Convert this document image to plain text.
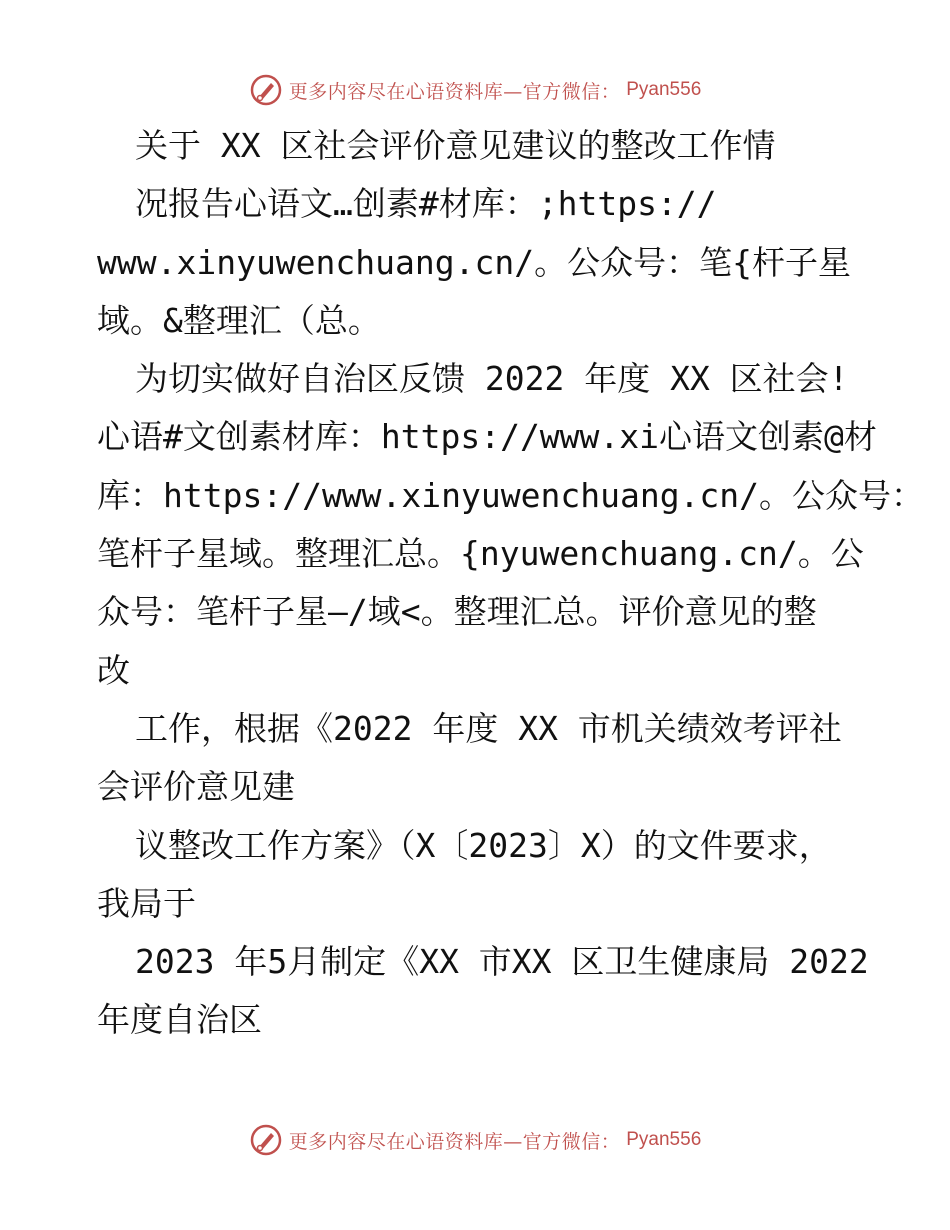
更多内容尽在心语资料库—官方微信： Pyan556
关于 XX 区社会评价意见建议的整改工作情
况报告心语文…创素#材库：;https://
www.xinyuwenchuang.cn/。公众号：笔{杆子星
域。&整理汇（总。
为切实做好自治区反馈 2022 年度 XX 区社会!
心语#文创素材库：https://www.xi心语文创素@材
库：https://www.xinyuwenchuang.cn/。公众号：
笔杆子星域。整理汇总。{nyuwenchuang.cn/。公
众号：笔杆子星—/域<。整理汇总。评价意见的整
改
工作，根据《2022 年度 XX 市机关绩效考评社
会评价意见建
议整改工作方案》（X〔2023〕X）的文件要求，
我局于
2023 年5月制定《XX 市XX 区卫生健康局 2022
年度自治区
更多内容尽在心语资料库—官方微信： Pyan556
